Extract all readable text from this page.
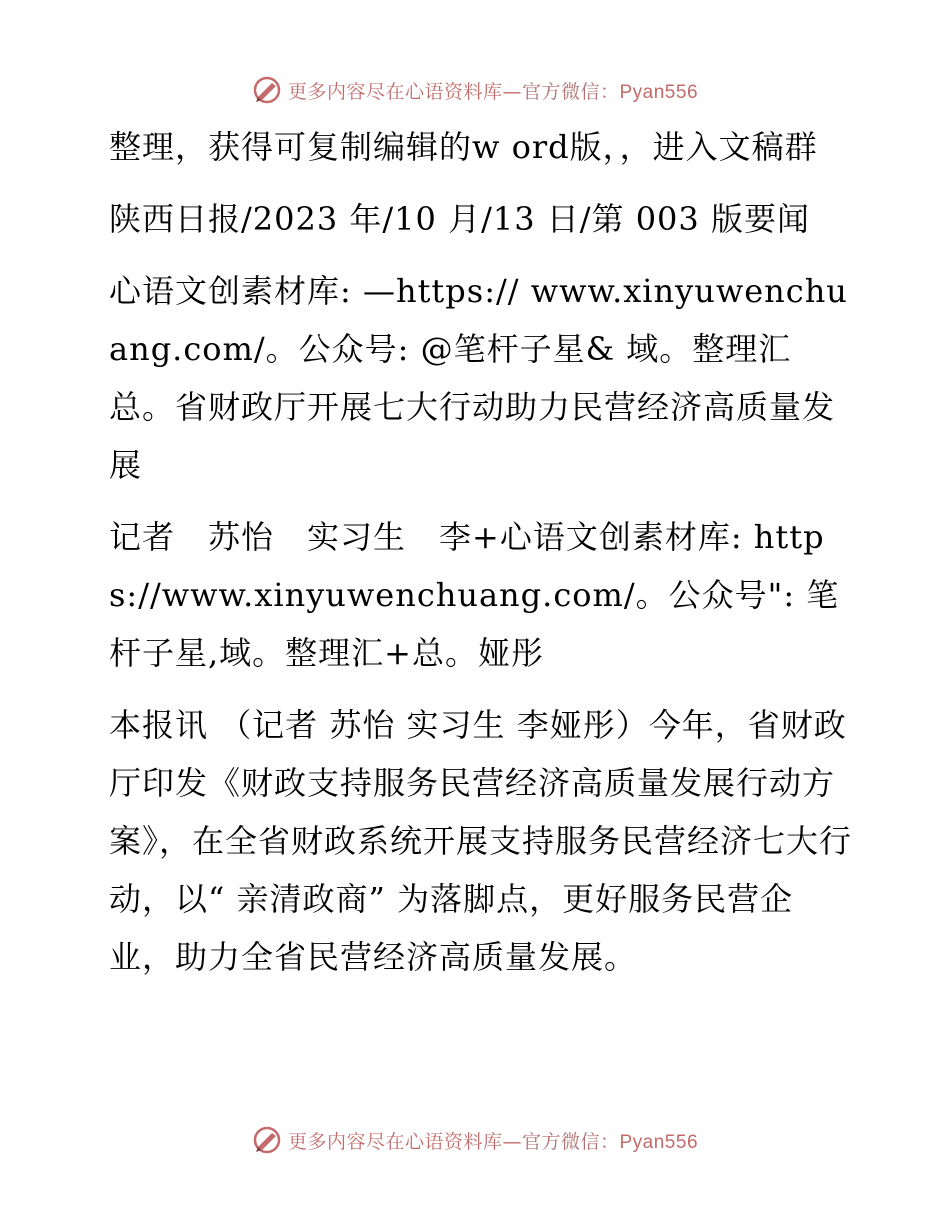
更多内容尽在心语资料库—官方微信：Pyan556

整理，获得可复制编辑的w ord版，，进入文稿群

陕西日报/2023 年/10 月/13 日/第 003 版要闻

心语文创素材库: —https:// www.xinyuwenchuang.com/。公众号: @笔杆子星& 域。整理汇总。省财政厅开展七大行动助力民营经济高质量发展

记者　苏怡　实习生　李+心语文创素材库: https://www.xinyuwenchuang.com/。公众号": 笔杆子星,域。整理汇+总。娅彤

本报讯 （记者 苏怡 实习生 李娅彤）今年，省财政厅印发《财政支持服务民营经济高质量发展行动方案》，在全省财政系统开展支持服务民营经济七大行动，以“ 亲清政商” 为落脚点，更好服务民营企业，助力全省民营经济高质量发展。

更多内容尽在心语资料库—官方微信：Pyan556
